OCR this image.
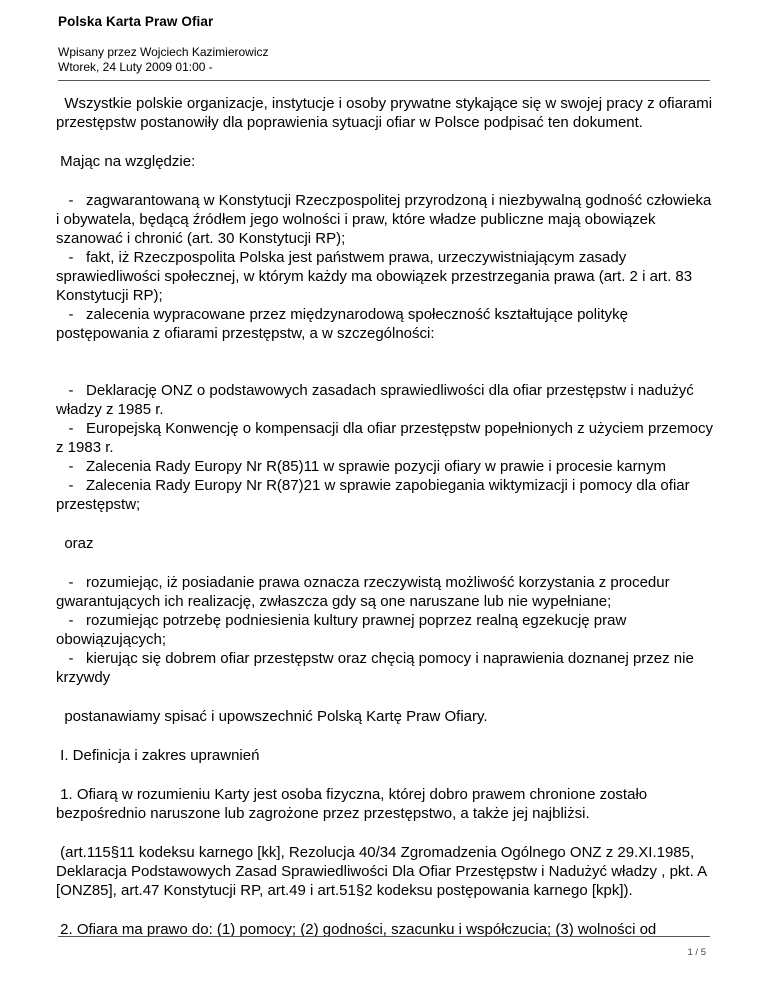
Polska Karta Praw Ofiar
Wpisany przez Wojciech Kazimierowicz
Wtorek, 24 Luty 2009 01:00 -

Wszystkie polskie organizacje, instytucje i osoby prywatne stykające się w swojej pracy z ofiarami przestępstw postanowiły dla poprawienia sytuacji ofiar w Polsce podpisać ten dokument.

Mając na względzie:

-   zagwarantowaną w Konstytucji Rzeczpospolitej przyrodzoną i niezbywalną godność człowieka i obywatela, będącą źródłem jego wolności i praw, które władze publiczne mają obowiązek szanować i chronić (art. 30 Konstytucji RP);

-   fakt, iż Rzeczpospolita Polska jest państwem prawa, urzeczywistniającym zasady sprawiedliwości społecznej, w którym każdy ma obowiązek przestrzegania prawa (art. 2 i art. 83 Konstytucji RP);

-   zalecenia wypracowane przez międzynarodową społeczność kształtujące politykę postępowania z ofiarami przestępstw, a w szczególności:

-   Deklarację ONZ o podstawowych zasadach sprawiedliwości dla ofiar przestępstw i nadużyć władzy z 1985 r.

-   Europejską Konwencję o kompensacji dla ofiar przestępstw popełnionych z użyciem przemocy z 1983 r.

-   Zalecenia Rady Europy Nr R(85)11 w sprawie pozycji ofiary w prawie i procesie karnym

-   Zalecenia Rady Europy Nr R(87)21 w sprawie zapobiegania wiktymizacji i pomocy dla ofiar przestępstw;

oraz

-   rozumiejąc, iż posiadanie prawa oznacza rzeczywistą możliwość korzystania z procedur gwarantujących ich realizację, zwłaszcza gdy są one naruszane lub nie wypełniane;

-   rozumiejąc potrzebę podniesienia kultury prawnej poprzez realną egzekucję praw obowiązujących;

-   kierując się dobrem ofiar przestępstw oraz chęcią pomocy i naprawienia doznanej przez nie krzywdy

postanawiamy spisać i upowszechnić Polską Kartę Praw Ofiary.

I. Definicja i zakres uprawnień

1. Ofiarą w rozumieniu Karty jest osoba fizyczna, której dobro prawem chronione zostało bezpośrednio naruszone lub zagrożone przez przestępstwo, a także jej najbliżsi.

(art.115§11 kodeksu karnego [kk], Rezolucja 40/34 Zgromadzenia Ogólnego ONZ z 29.XI.1985, Deklaracja Podstawowych Zasad Sprawiedliwości Dla Ofiar Przestępstw i Nadużyć władzy , pkt. A [ONZ85], art.47 Konstytucji RP, art.49 i art.51§2 kodeksu postępowania karnego [kpk]).

2. Ofiara ma prawo do: (1) pomocy; (2) godności, szacunku i współczucia; (3) wolności od

1 / 5
